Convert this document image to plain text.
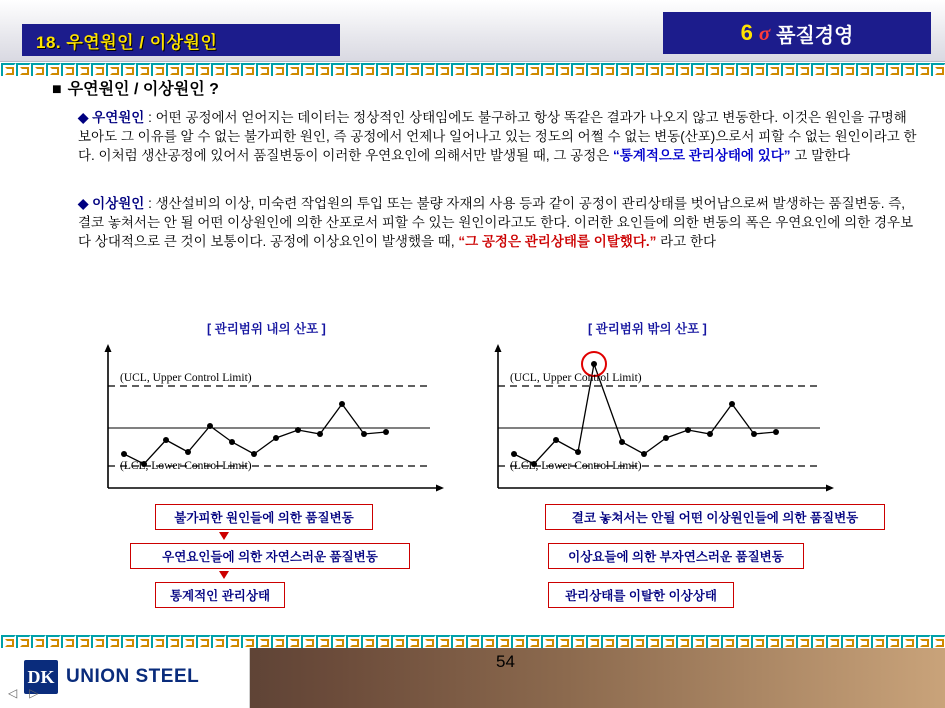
18. 우연원인 / 이상원인	6 σ 품질경영
■ 우연원인 / 이상원인 ?
◆ 우연원인 : 어떤 공정에서 얻어지는 데이터는 정상적인 상태임에도 불구하고 항상 똑같은 결과가 나오지 않고 변동한다. 이것은 원인을 규명해 보아도 그 이유를 알 수 없는 불가피한 원인, 즉 공정에서 언제나 일어나고 있는 정도의 어쩔 수 없는 변동(산포)으로서 피할 수 없는 원인이라고 한다. 이처럼 생산공정에 있어서 품질변동이 이러한 우연요인에 의해서만 발생될 때, 그 공정은 “통계적으로 관리상태에 있다” 고 말한다
◆ 이상원인 : 생산설비의 이상, 미숙련 작업원의 투입 또는 불량 자재의 사용 등과 같이 공정이 관리상태를 벗어남으로써 발생하는 품질변동. 즉, 결코 놓쳐서는 안 될 어떤 이상원인에 의한 산포로서 피할 수 있는 원인이라고도 한다. 이러한 요인들에 의한 변동의 폭은 우연요인에 의한 경우보다 상대적으로 큰 것이 보통이다. 공정에 이상요인이 발생했을 때, “그 공정은 관리상태를 이탈했다.” 라고 한다
[ 관리범위 내의 산포 ]	[ 관리범위 밖의 산포 ]
(UCL, Upper Control Limit)
(LCL, Lower Control Limit)
(UCL, Upper Control Limit)
(LCL, Lower Control Limit)
불가피한 원인들에 의한 품질변동
우연요인들에 의한 자연스러운 품질변동
통계적인 관리상태
결코 놓쳐서는 안될 어떤 이상원인들에 의한 품질변동
이상요들에 의한 부자연스러운 품질변동
관리상태를 이탈한 이상상태
DK UNION STEEL
54
◁ ▷
